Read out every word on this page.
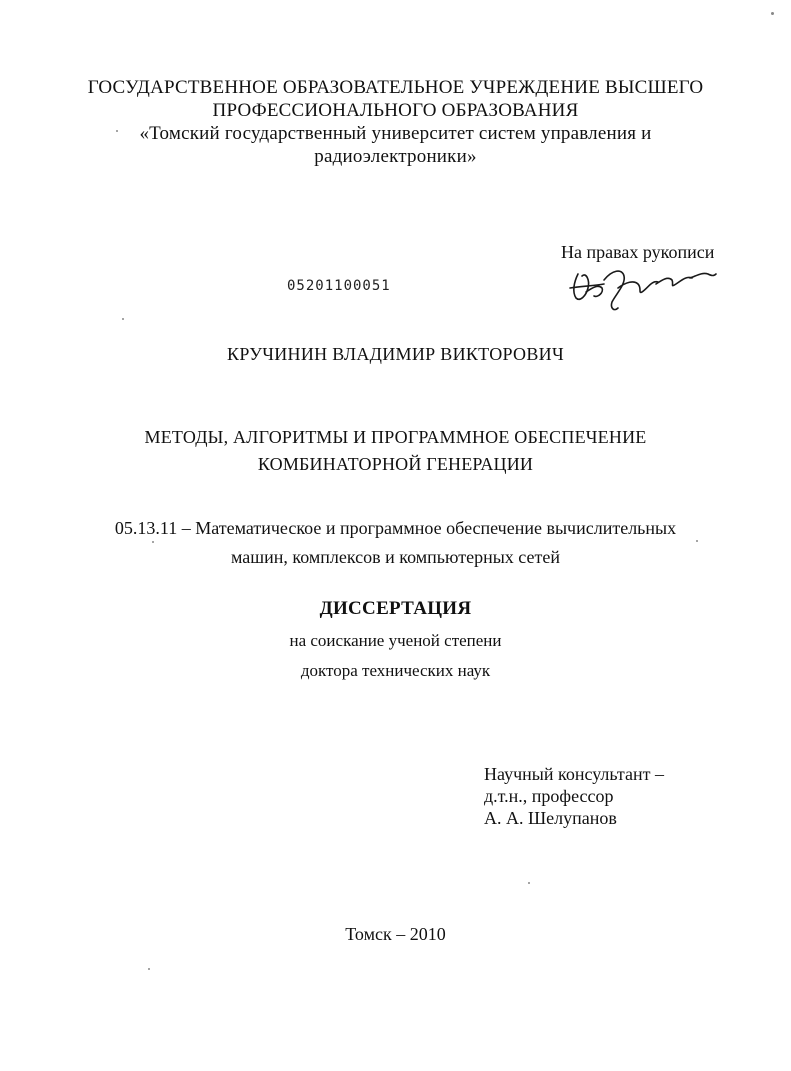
ГОСУДАРСТВЕННОЕ ОБРАЗОВАТЕЛЬНОЕ УЧРЕЖДЕНИЕ ВЫСШЕГО
ПРОФЕССИОНАЛЬНОГО ОБРАЗОВАНИЯ
«Томский государственный университет систем управления и
радиоэлектроники»
На правах рукописи
05201100051
КРУЧИНИН ВЛАДИМИР ВИКТОРОВИЧ
МЕТОДЫ, АЛГОРИТМЫ И ПРОГРАММНОЕ ОБЕСПЕЧЕНИЕ
КОМБИНАТОРНОЙ ГЕНЕРАЦИИ
05.13.11 – Математическое и программное обеспечение вычислительных
машин, комплексов и компьютерных сетей
ДИССЕРТАЦИЯ
на соискание ученой степени
доктора технических наук
Научный консультант –
д.т.н., профессор
А. А. Шелупанов
Томск – 2010
